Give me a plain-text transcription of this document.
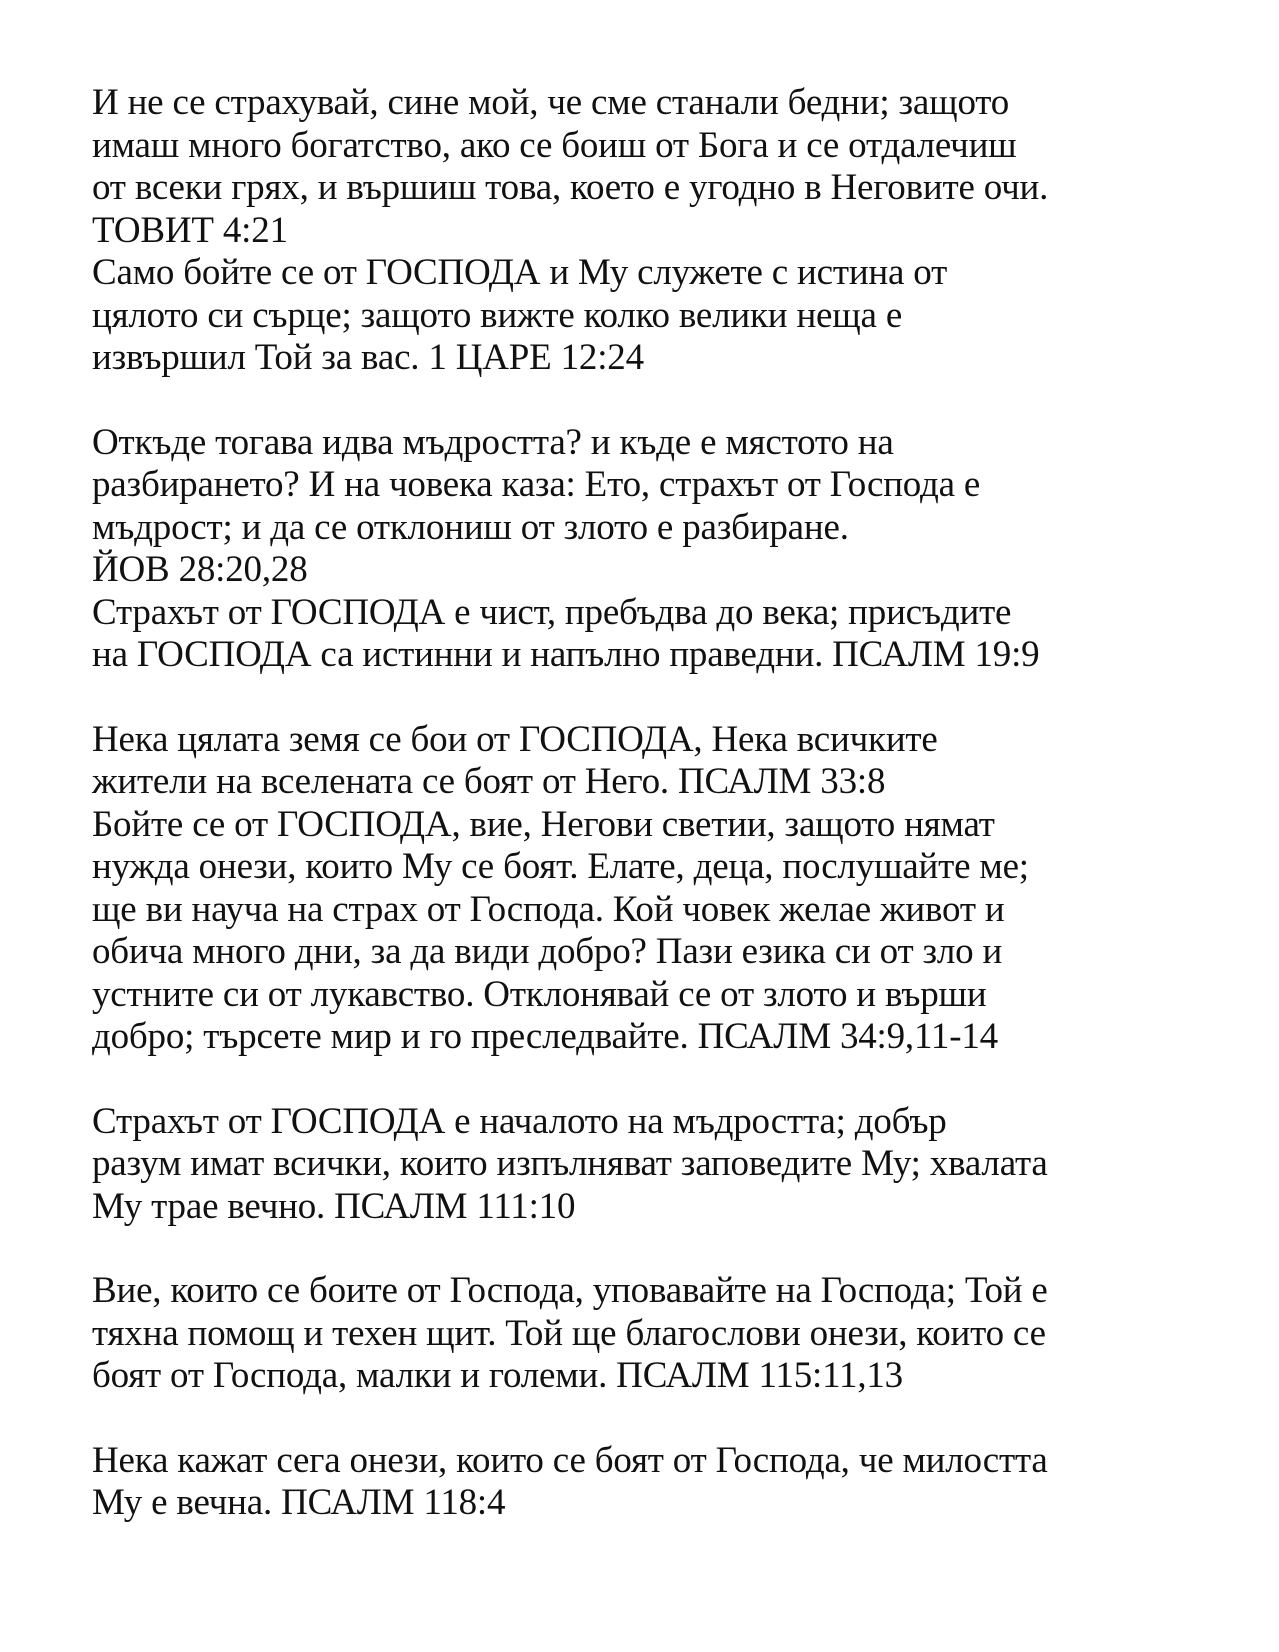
И не се страхувай, сине мой, че сме станали бедни; защото
имаш много богатство, ако се боиш от Бога и се отдалечиш
от всеки грях, и вършиш това, което е угодно в Неговите очи.
ТОВИТ 4:21
Само бойте се от ГОСПОДА и Му служете с истина от
цялото си сърце; защото вижте колко велики неща е
извършил Той за вас. 1 ЦАРЕ 12:24
Откъде тогава идва мъдростта? и къде е мястото на
разбирането? И на човека каза: Ето, страхът от Господа е
мъдрост; и да се отклониш от злото е разбиране.
ЙОВ 28:20,28
Страхът от ГОСПОДА е чист, пребъдва до века; присъдите
на ГОСПОДА са истинни и напълно праведни. ПСАЛМ 19:9
Нека цялата земя се бои от ГОСПОДА, Нека всичките
жители на вселената се боят от Него. ПСАЛМ 33:8
Бойте се от ГОСПОДА, вие, Негови светии, защото нямат
нужда онези, които Му се боят. Елате, деца, послушайте ме;
ще ви науча на страх от Господа. Кой човек желае живот и
обича много дни, за да види добро? Пази езика си от зло и
устните си от лукавство. Отклонявай се от злото и върши
добро; търсете мир и го преследвайте. ПСАЛМ 34:9,11-14
Страхът от ГОСПОДА е началото на мъдростта; добър
разум имат всички, които изпълняват заповедите Му; хвалата
Му трае вечно. ПСАЛМ 111:10
Вие, които се боите от Господа, уповавайте на Господа; Той е
тяхна помощ и техен щит. Той ще благослови онези, които се
боят от Господа, малки и големи. ПСАЛМ 115:11,13
Нека кажат сега онези, които се боят от Господа, че милостта
Му е вечна. ПСАЛМ 118:4
